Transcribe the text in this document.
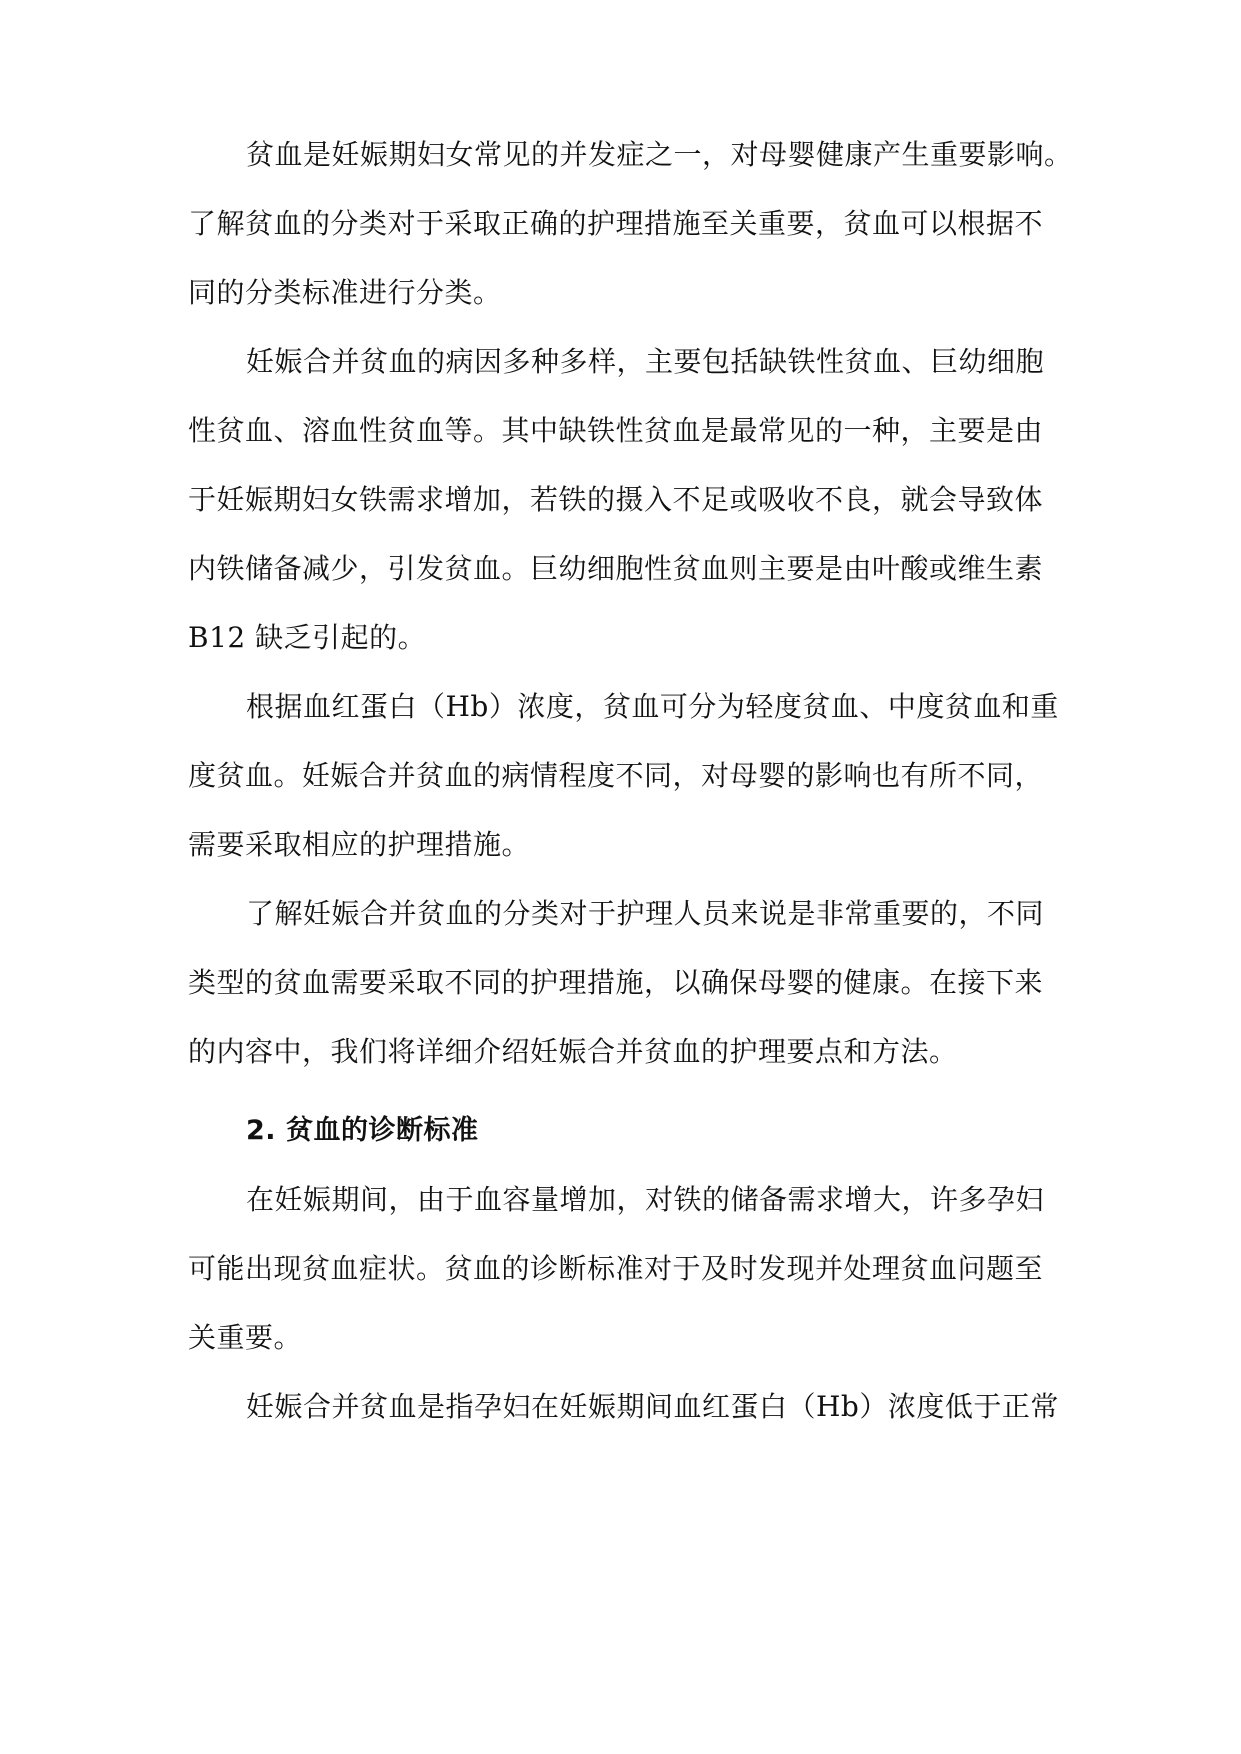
贫血是妊娠期妇女常见的并发症之一，对母婴健康产生重要影响。
了解贫血的分类对于采取正确的护理措施至关重要，贫血可以根据不
同的分类标准进行分类。
妊娠合并贫血的病因多种多样，主要包括缺铁性贫血、巨幼细胞
性贫血、溶血性贫血等。其中缺铁性贫血是最常见的一种，主要是由
于妊娠期妇女铁需求增加，若铁的摄入不足或吸收不良，就会导致体
内铁储备减少，引发贫血。巨幼细胞性贫血则主要是由叶酸或维生素
B12 缺乏引起的。
根据血红蛋白（Hb）浓度，贫血可分为轻度贫血、中度贫血和重
度贫血。妊娠合并贫血的病情程度不同，对母婴的影响也有所不同，
需要采取相应的护理措施。
了解妊娠合并贫血的分类对于护理人员来说是非常重要的，不同
类型的贫血需要采取不同的护理措施，以确保母婴的健康。在接下来
的内容中，我们将详细介绍妊娠合并贫血的护理要点和方法。
2. 贫血的诊断标准
在妊娠期间，由于血容量增加，对铁的储备需求增大，许多孕妇
可能出现贫血症状。贫血的诊断标准对于及时发现并处理贫血问题至
关重要。
妊娠合并贫血是指孕妇在妊娠期间血红蛋白（Hb）浓度低于正常
